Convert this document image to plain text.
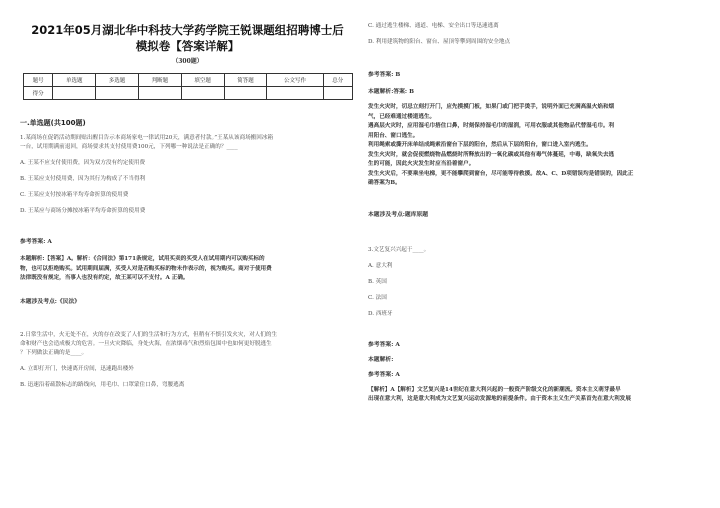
2021年05月湖北华中科技大学药学院王锐课题组招聘博士后
模拟卷【答案详解】
（300题）
题号	单选题	多选题	判断题	填空题	简答题	公文写作	总分
得分							
一.单选题(共100题)
1.某商场在促销活动期间贴出醒目告示本商场家电一律试用20天，满意者付款。”王某从该商场搬回冰箱
一台，试用期满前退回，商场要求其支付使用费100元，下列哪一种说法是正确的？____
A. 王某不应支付使用费，因为双方没有约定使用费
B. 王某应支付使用费，因为其行为构成了不当得利
C. 王某应支付按冰箱平均寿命折算的使用费
D. 王某应与商场分摊按冰箱平均寿命折算的使用费
参考答案: A
本题解析:【答案】A。解析：《合同法》第171条规定，试用买卖的买受人在试用期内可以购买标的
物，也可以拒绝购买。试用期间届满，买受人对是否购买标的物未作表示的，视为购买。商对于使用费
法律既没有规定，当事人也没有约定，故王某可以不支付。A 正确。
本题涉及考点:《民法》
2.日常生活中，火无处不在，火的存在改变了人们的生活和行为方式，但稍有不慎引发火灾，对人们的生
命和财产也会造成极大的危害。一旦火灾降临，身处火海，在浓烟毒气和烈焰包围中也如何更好脱逃生
？下列做法正确的是____。
A. 立即打开门，快速离开房间，迅速跑出楼外
B. 迅速沿着疏散标志的路线向，用毛巾、口罩蒙住口鼻，弯腰逃离
C. 通过逃生楼梯、通道、电梯、安全出口等迅速逃离
D. 利用建筑物的阳台、窗台、屋顶等攀到周围的安全地点
参考答案: B
本题解析:答案: B
发生火灾时，切忌立刻打开门，应先摸摸门板，如果门或门把手烫手，说明外面已充满高温火焰和烟
气，已经难通过楼道逃生。
遇高层火灾时，应用湿毛巾捂住口鼻，时刻保持湿毛巾的湿润，可用衣服或其他物品代替湿毛巾。利
用阳台、窗口逃生。
利用绳索或撕开床单结成绳索沿窗台下层的阳台，然后从下层的阳台，窗口进入室内逃生。
发生火灾时，就会促使燃烧物品燃烧时所释放出的一氧化碳或其他有毒气体蔓延，中毒，缺氧失去逃
生的可能，因此火灾发生时应当沿着窗户。
发生火灾后，不要乘坐电梯，更不能攀爬到窗台，尽可能等待救援。故A、C、D项错误均是错误的，因此正
确答案为B。
本题涉及考点:题库原题
3.文艺复兴兴起于____。
A. 意大利
B. 英国
C. 法国
D. 西班牙
参考答案: A
本题解析:
参考答案: A
【解析】A【解析】文艺复兴是14世纪在意大利兴起的一般资产阶级文化的新潮流。资本主义萌芽最早
出现在意大利，这是意大利成为文艺复兴运动发源地的前提条件。由于资本主义生产关系首先在意大利发展
